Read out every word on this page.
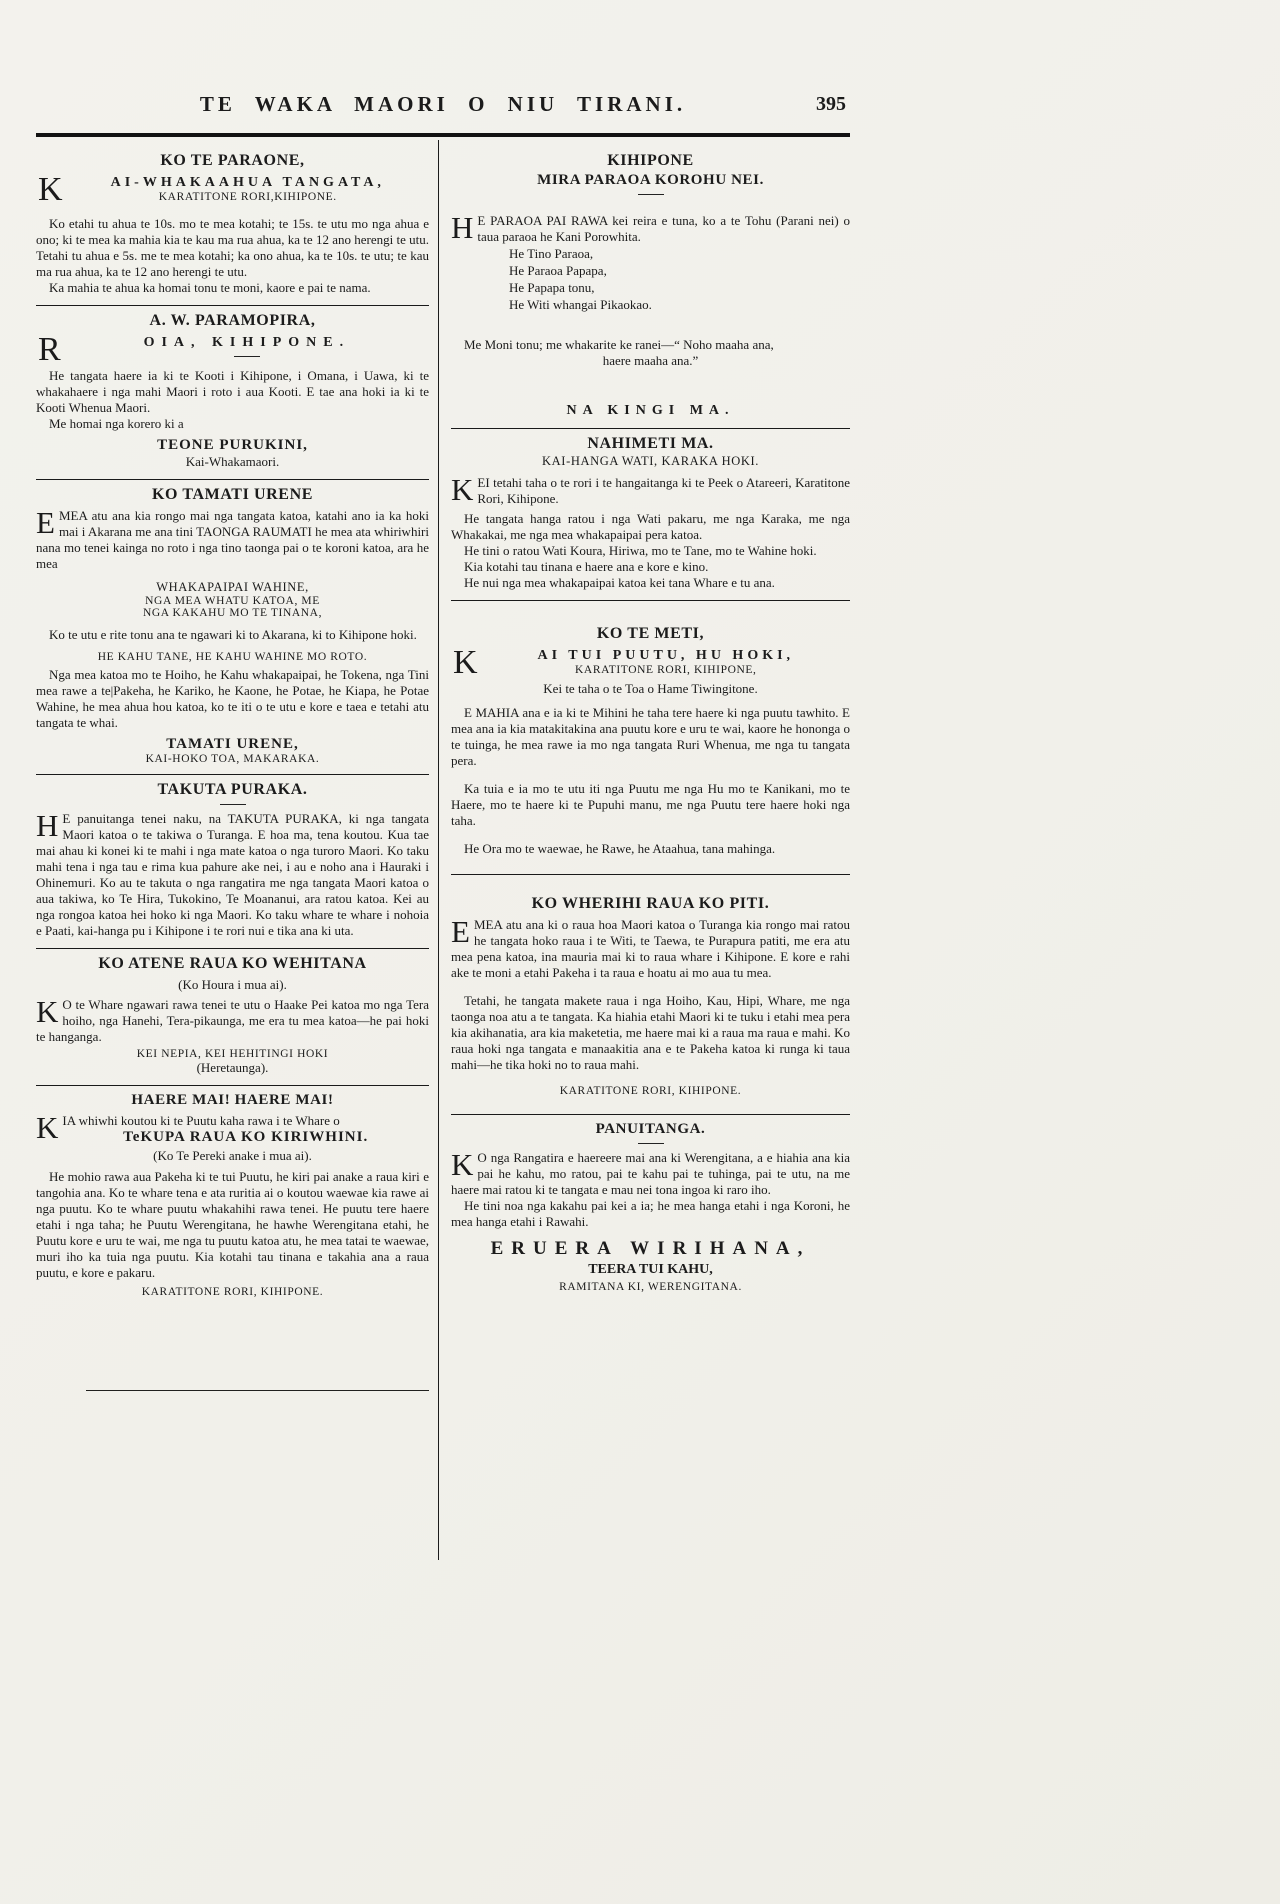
TE WAKA MAORI O NIU TIRANI.	395
KO TE PARAONE,
K	AI-WHAKAAHUA TANGATA,
KARATITONE RORI,KIHIPONE.

Ko etahi tu ahua te 10s. mo te mea kotahi; te 15s. te utu mo nga ahua e ono; ki te mea ka mahia kia te kau ma rua ahua, ka te 12 ano herengi te utu. Tetahi tu ahua e 5s. me te mea kotahi; ka ono ahua, ka te 10s. te utu; te kau ma rua ahua, ka te 12 ano herengi te utu.

Ka mahia te ahua ka homai tonu te moni, kaore e pai te nama.

A. W. PARAMOPIRA,
R	OIA, KIHIPONE.

He tangata haere ia ki te Kooti i Kihipone, i Omana, i Uawa, ki te whakahaere i nga mahi Maori i roto i aua Kooti. E tae ana hoki ia ki te Kooti Whenua Maori.

Me homai nga korero ki a

TEONE PURUKINI,
Kai-Whakamaori.
KO TAMATI URENE

EMEA atu ana kia rongo mai nga tangata katoa, katahi ano ia ka hoki mai i Akarana me ana tini TAONGA RAUMATI he mea ata whiriwhiri nana mo tenei kainga no roto i nga tino taonga pai o te koroni katoa, ara he mea

WHAKAPAIPAI WAHINE,
NGA MEA WHATU KATOA, ME
NGA KAKAHU MO TE TINANA,

Ko te utu e rite tonu ana te ngawari ki to Akarana, ki to Kihipone hoki.

HE KAHU TANE, HE KAHU WAHINE MO ROTO.

Nga mea katoa mo te Hoiho, he Kahu whakapaipai, he Tokena, nga Tini mea rawe a te|Pakeha, he Kariko, he Kaone, he Potae, he Kiapa, he Potae Wahine, he mea ahua hou katoa, ko te iti o te utu e kore e taea e tetahi atu tangata te whai.

TAMATI URENE,
KAI-HOKO TOA, MAKARAKA.
TAKUTA PURAKA.

H E panuitanga tenei naku, na TAKUTA PURAKA, ki nga tangata Maori katoa o te takiwa o Turanga. E hoa ma, tena koutou. Kua tae mai ahau ki konei ki te mahi i nga mate katoa o nga turoro Maori. Ko taku mahi tena i nga tau e rima kua pahure ake nei, i au e noho ana i Hauraki i Ohinemuri. Ko au te takuta o nga rangatira me nga tangata Maori katoa o aua takiwa, ko Te Hira, Tukokino, Te Moananui, ara ratou katoa. Kei au nga rongoa katoa hei hoko ki nga Maori. Ko taku whare te whare i nohoia e Paati, kai-hanga pu i Kihipone i te rori nui e tika ana ki uta.

KO ATENE RAUA KO WEHITANA
(Ko Houra i mua ai).

K O te Whare ngawari rawa tenei te utu o Haake Pei katoa mo nga Tera hoiho, nga Hanehi, Tera-pikaunga, me era tu mea katoa—he pai hoki te hanganga.

KEI NEPIA, KEI HEHITINGI HOKI
(Heretaunga).
HAERE MAI! HAERE MAI!

KIA whiwhi koutou ki te Puutu kaha rawa i te Whare o

TeKUPA RAUA KO KIRIWHINI.
(Ko Te Pereki anake i mua ai).

He mohio rawa aua Pakeha ki te tui Puutu, he kiri pai anake a raua kiri e tangohia ana. Ko te whare tena e ata ruritia ai o koutou waewae kia rawe ai nga puutu. Ko te whare puutu whakahihi rawa tenei. He puutu tere haere etahi i nga taha; he Puutu Werengitana, he hawhe Werengitana etahi, he Puutu kore e uru te wai, me nga tu puutu katoa atu, he mea tatai te waewae, muri iho ka tuia nga puutu. Kia kotahi tau tinana e takahia ana a raua puutu, e kore e pakaru.

KARATITONE RORI, KIHIPONE.
KIHIPONE
MIRA PARAOA KOROHU NEI.

H E PARAOA PAI RAWA kei reira e tuna, ko a te Tohu (Parani nei) o taua paraoa he Kani Porowhita.

He Tino Paraoa,
He Paraoa Papapa,
He Papapa tonu,
He Witi whangai Pikaokao.

Me Moni tonu; me whakarite ke ranei—“ Noho maaha ana,

haere maaha ana.”
NA KINGI MA.
NAHIMETI MA.
KAI-HANGA WATI, KARAKA HOKI.

KEI tetahi taha o te rori i te hangaitanga ki te Peek o Atareeri, Karatitone Rori, Kihipone.

He tangata hanga ratou i nga Wati pakaru, me nga Karaka, me nga Whakakai, me nga mea whakapaipai pera katoa.

He tini o ratou Wati Koura, Hiriwa, mo te Tane, mo te Wahine hoki.

Kia kotahi tau tinana e haere ana e kore e kino.

He nui nga mea whakapaipai katoa kei tana Whare e tu ana.

KO TE METI,
K	AI TUI PUUTU, HU HOKI,
KARATITONE RORI, KIHIPONE,
Kei te taha o te Toa o Hame Tiwingitone.

E MAHIA ana e ia ki te Mihini he taha tere haere ki nga puutu tawhito. E mea ana ia kia matakitakina ana puutu kore e uru te wai, kaore he hononga o te tuinga, he mea rawe ia mo nga tangata Ruri Whenua, me nga tu tangata pera.

Ka tuia e ia mo te utu iti nga Puutu me nga Hu mo te Kanikani, mo te Haere, mo te haere ki te Pupuhi manu, me nga Puutu tere haere hoki nga taha.

He Ora mo te waewae, he Rawe, he Ataahua, tana mahinga.

KO WHERIHI RAUA KO PITI.

EMEA atu ana ki o raua hoa Maori katoa o Turanga kia rongo mai ratou he tangata hoko raua i te Witi, te Taewa, te Purapura patiti, me era atu mea pena katoa, ina mauria mai ki to raua whare i Kihipone. E kore e rahi ake te moni a etahi Pakeha i ta raua e hoatu ai mo aua tu mea.

Tetahi, he tangata makete raua i nga Hoiho, Kau, Hipi, Whare, me nga taonga noa atu a te tangata. Ka hiahia etahi Maori ki te tuku i etahi mea pera kia akihanatia, ara kia maketetia, me haere mai ki a raua ma raua e mahi. Ko raua hoki nga tangata e manaakitia ana e te Pakeha katoa ki runga ki taua mahi—he tika hoki no to raua mahi.

KARATITONE RORI, KIHIPONE.
PANUITANGA.

K O nga Rangatira e haereere mai ana ki Werengitana, a e hiahia ana kia pai he kahu, mo ratou, pai te kahu pai te tuhinga, pai te utu, na me haere mai ratou ki te tangata e mau nei tona ingoa ki raro iho.

He tini noa nga kakahu pai kei a ia; he mea hanga etahi i nga Koroni, he mea hanga etahi i Rawahi.

ERUERA WIRIHANA,
TEERA TUI KAHU,
RAMITANA KI, WERENGITANA.
